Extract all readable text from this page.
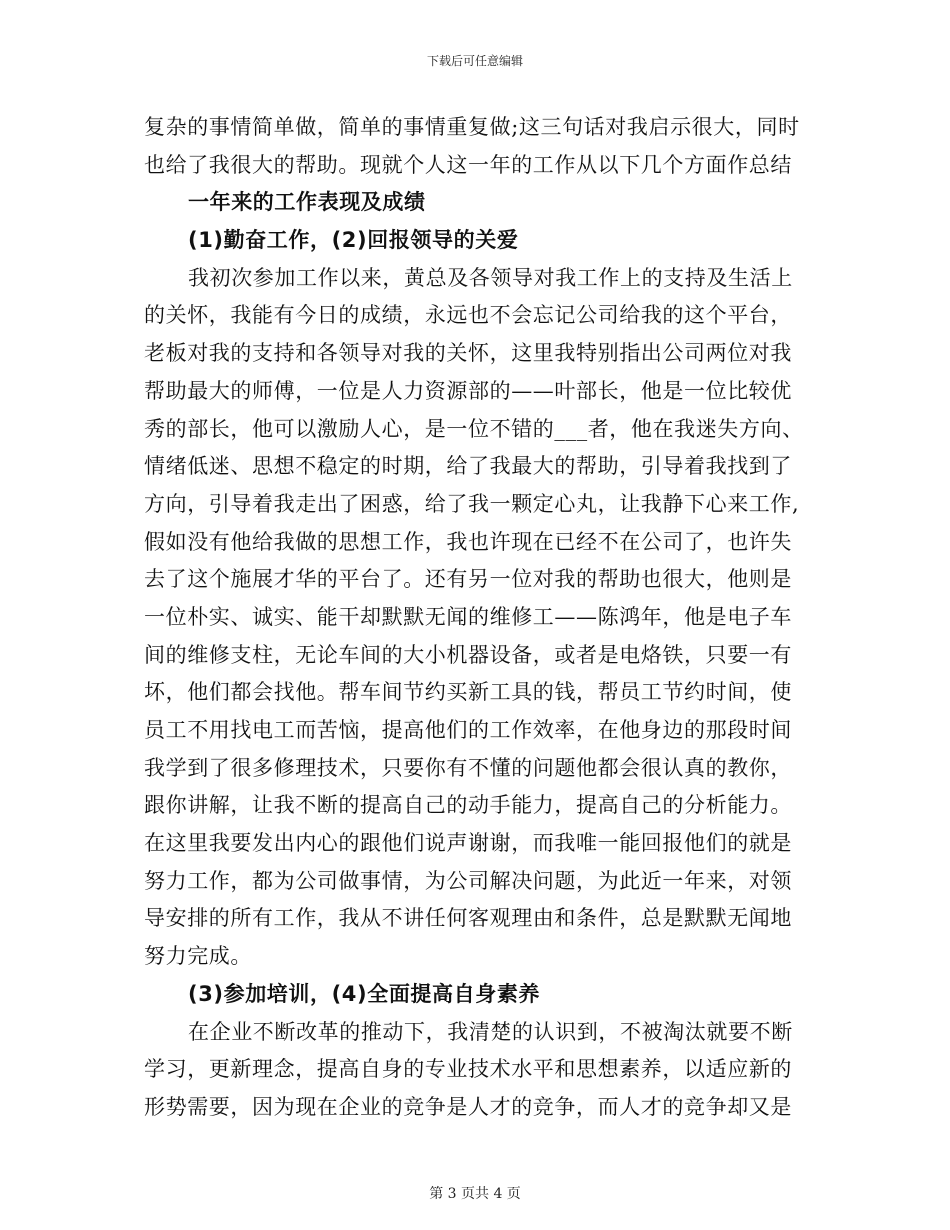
下载后可任意编辑
复杂的事情简单做，简单的事情重复做;这三句话对我启示很大，同时
也给了我很大的帮助。现就个人这一年的工作从以下几个方面作总结
一年来的工作表现及成绩
(1)勤奋工作，(2)回报领导的关爱
我初次参加工作以来，黄总及各领导对我工作上的支持及生活上
的关怀，我能有今日的成绩，永远也不会忘记公司给我的这个平台，
老板对我的支持和各领导对我的关怀，这里我特别指出公司两位对我
帮助最大的师傅，一位是人力资源部的——叶部长，他是一位比较优
秀的部长，他可以激励人心，是一位不错的___者，他在我迷失方向、
情绪低迷、思想不稳定的时期，给了我最大的帮助，引导着我找到了
方向，引导着我走出了困惑，给了我一颗定心丸，让我静下心来工作,
假如没有他给我做的思想工作，我也许现在已经不在公司了，也许失
去了这个施展才华的平台了。还有另一位对我的帮助也很大，他则是
一位朴实、诚实、能干却默默无闻的维修工——陈鸿年，他是电子车
间的维修支柱，无论车间的大小机器设备，或者是电烙铁，只要一有
坏，他们都会找他。帮车间节约买新工具的钱，帮员工节约时间，使
员工不用找电工而苦恼，提高他们的工作效率，在他身边的那段时间
我学到了很多修理技术，只要你有不懂的问题他都会很认真的教你，
跟你讲解，让我不断的提高自己的动手能力，提高自己的分析能力。
在这里我要发出内心的跟他们说声谢谢，而我唯一能回报他们的就是
努力工作，都为公司做事情，为公司解决问题，为此近一年来，对领
导安排的所有工作，我从不讲任何客观理由和条件，总是默默无闻地
努力完成。
(3)参加培训，(4)全面提高自身素养
在企业不断改革的推动下，我清楚的认识到，不被淘汰就要不断
学习，更新理念，提高自身的专业技术水平和思想素养，以适应新的
形势需要，因为现在企业的竞争是人才的竞争，而人才的竞争却又是
第 3 页共 4 页
